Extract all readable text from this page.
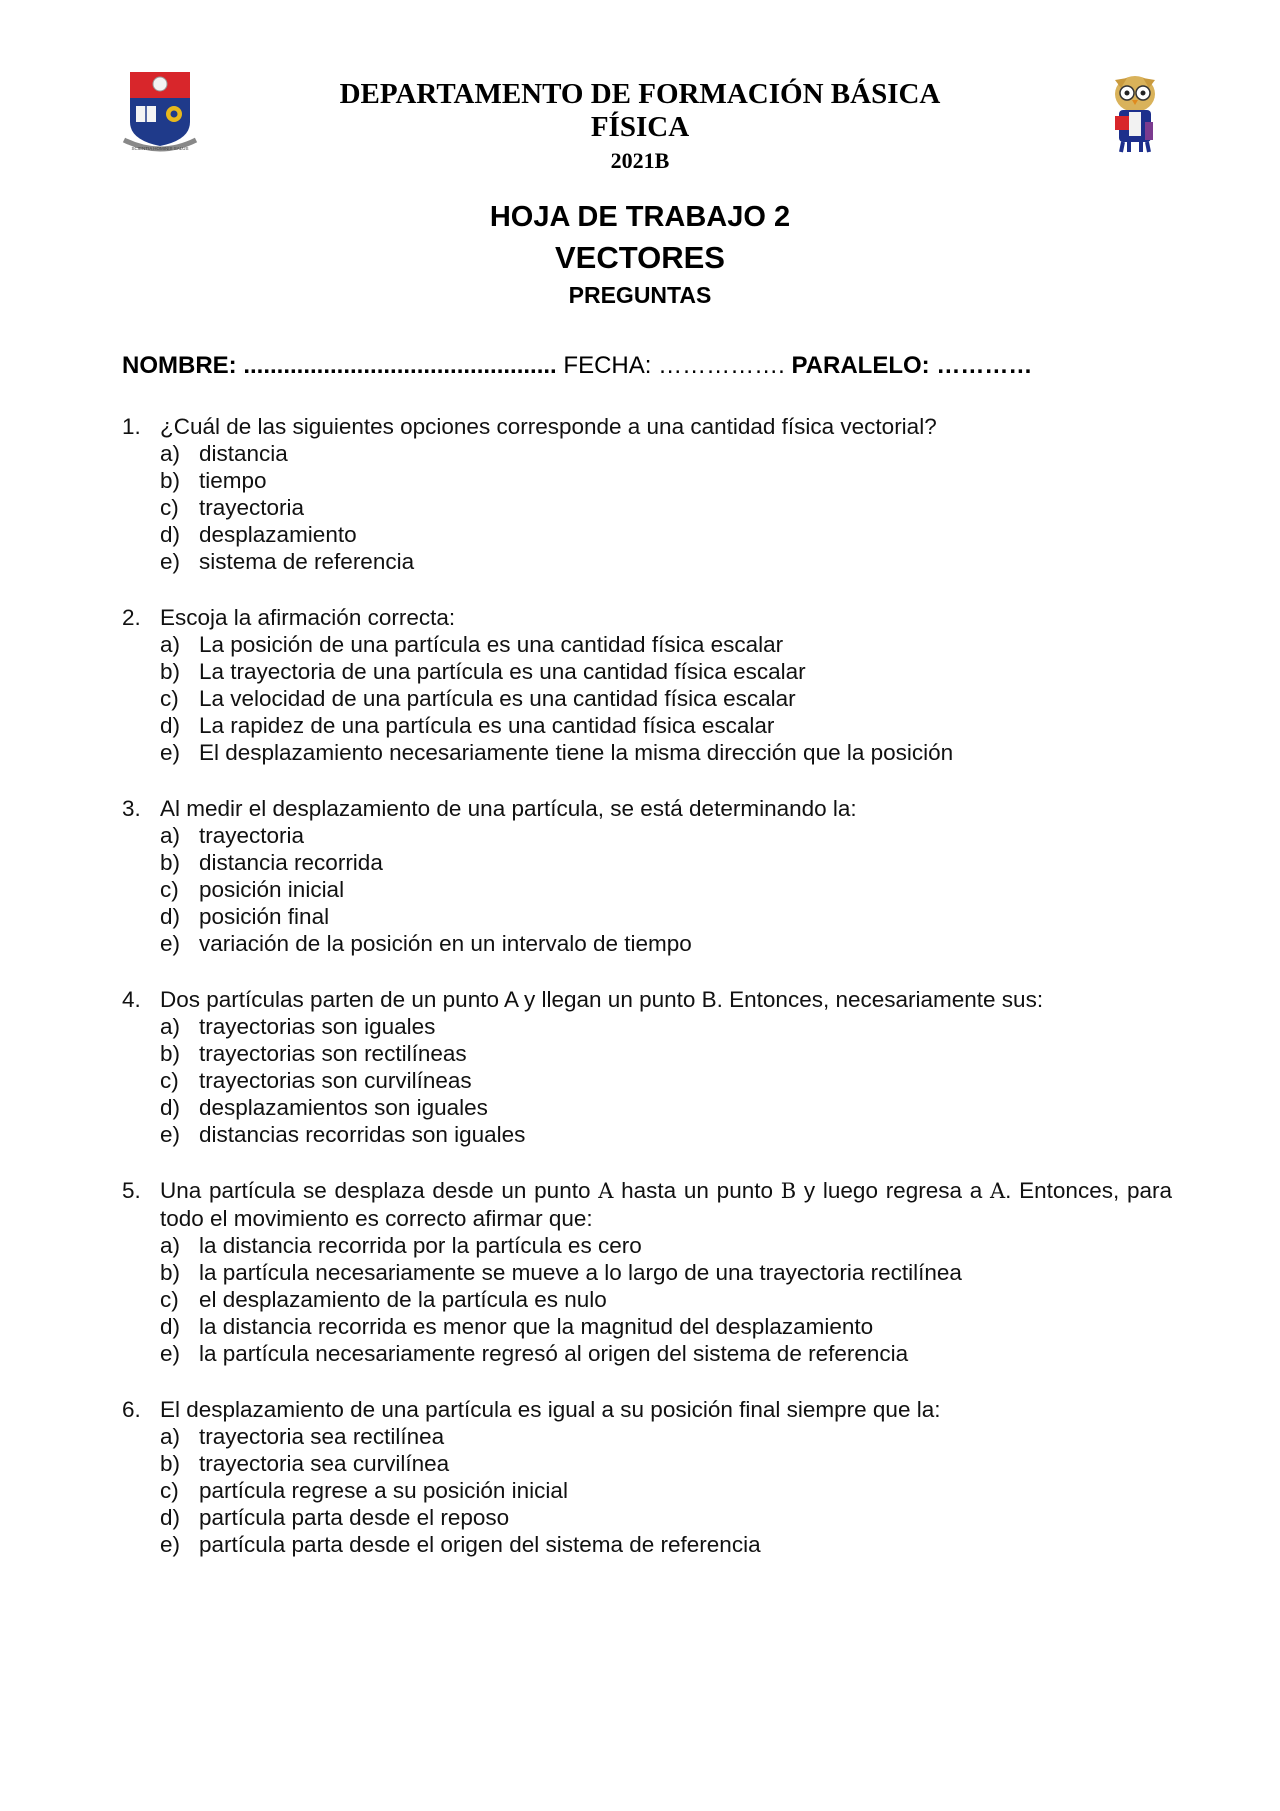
SCIENTIA HOMINIS SALUS
DEPARTAMENTO DE FORMACIÓN BÁSICA
FÍSICA
2021B
HOJA DE TRABAJO 2
VECTORES
PREGUNTAS
NOMBRE: ............................................... FECHA: ……………. PARALELO: …………
1. ¿Cuál de las siguientes opciones corresponde a una cantidad física vectorial?
a) distancia
b) tiempo
c) trayectoria
d) desplazamiento
e) sistema de referencia
2. Escoja la afirmación correcta:
a) La posición de una partícula es una cantidad física escalar
b) La trayectoria de una partícula es una cantidad física escalar
c) La velocidad de una partícula es una cantidad física escalar
d) La rapidez de una partícula es una cantidad física escalar
e) El desplazamiento necesariamente tiene la misma dirección que la posición
3. Al medir el desplazamiento de una partícula, se está determinando la:
a) trayectoria
b) distancia recorrida
c) posición inicial
d) posición final
e) variación de la posición en un intervalo de tiempo
4. Dos partículas parten de un punto A y llegan un punto B. Entonces, necesariamente sus:
a) trayectorias son iguales
b) trayectorias son rectilíneas
c) trayectorias son curvilíneas
d) desplazamientos son iguales
e) distancias recorridas son iguales
5. Una partícula se desplaza desde un punto A hasta un punto B y luego regresa a A. Entonces, para todo el movimiento es correcto afirmar que:
a) la distancia recorrida por la partícula es cero
b) la partícula necesariamente se mueve a lo largo de una trayectoria rectilínea
c) el desplazamiento de la partícula es nulo
d) la distancia recorrida es menor que la magnitud del desplazamiento
e) la partícula necesariamente regresó al origen del sistema de referencia
6. El desplazamiento de una partícula es igual a su posición final siempre que la:
a) trayectoria sea rectilínea
b) trayectoria sea curvilínea
c) partícula regrese a su posición inicial
d) partícula parta desde el reposo
e) partícula parta desde el origen del sistema de referencia
